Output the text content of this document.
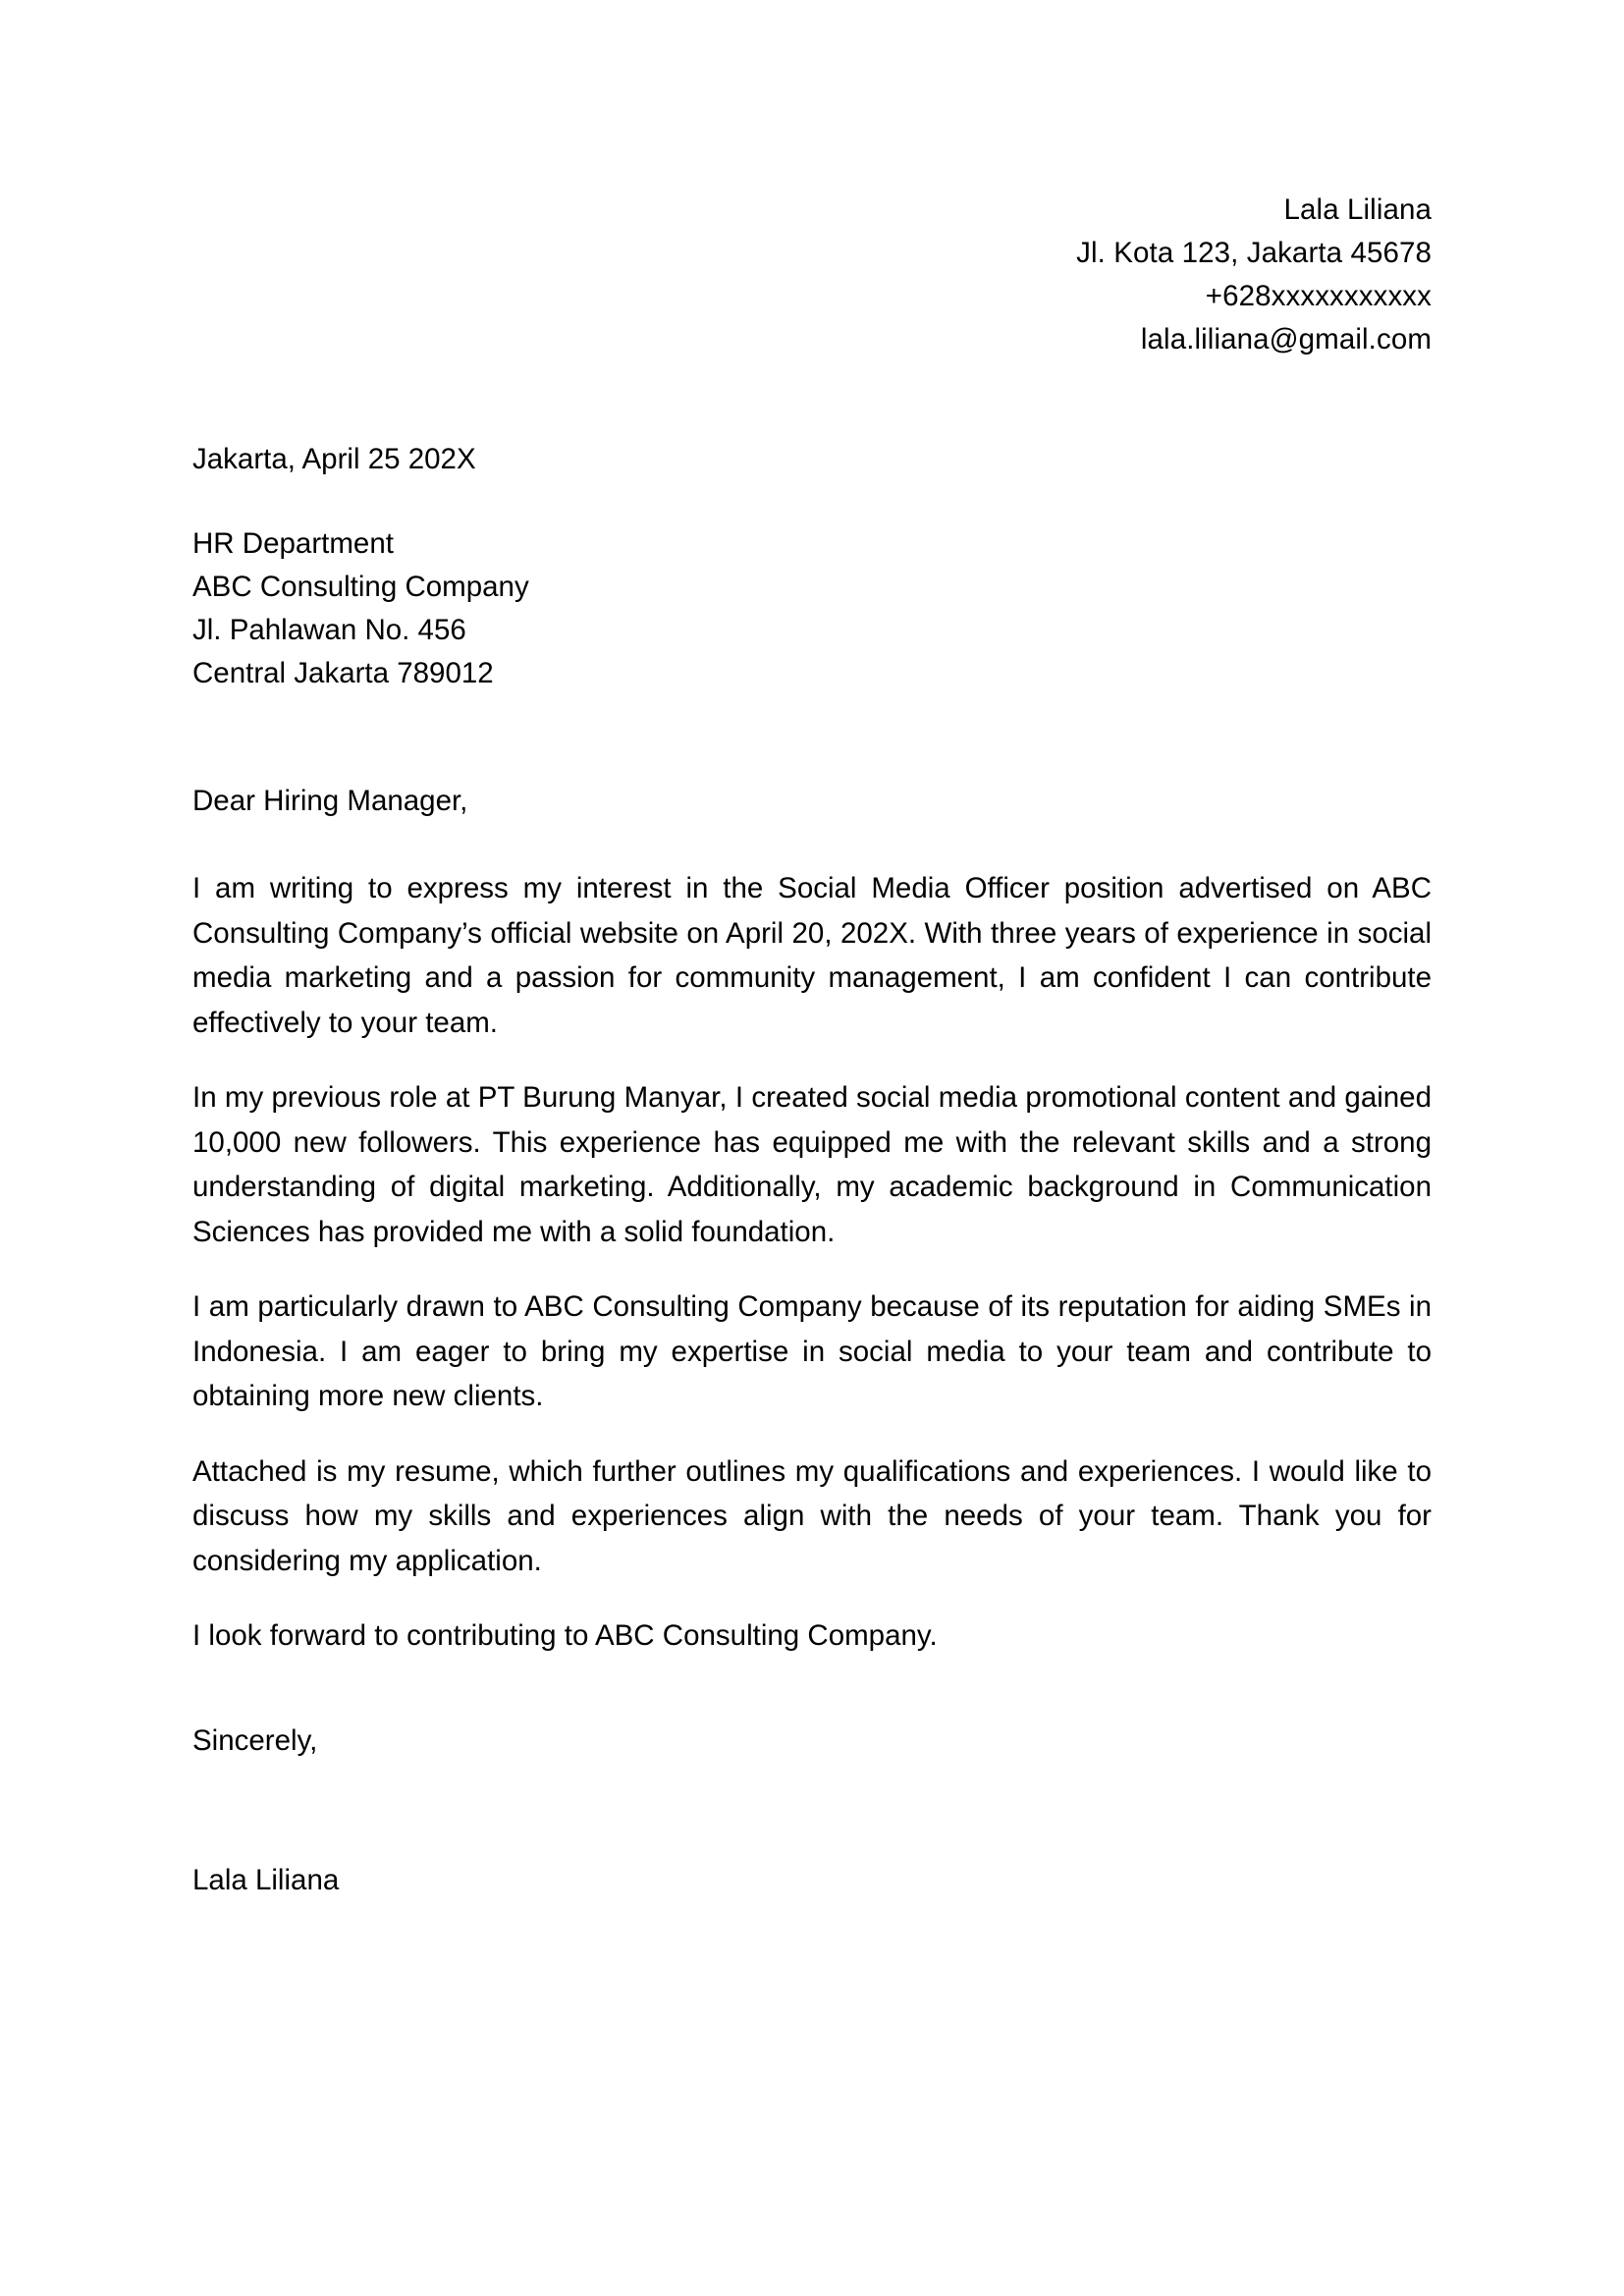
Lala Liliana
Jl. Kota 123, Jakarta 45678
+628xxxxxxxxxxx
lala.liliana@gmail.com
Jakarta, April 25 202X
HR Department
ABC Consulting Company
Jl. Pahlawan No. 456
Central Jakarta 789012
Dear Hiring Manager,

I am writing to express my interest in the Social Media Officer position advertised on ABC Consulting Company’s official website on April 20, 202X. With three years of experience in social media marketing and a passion for community management, I am confident I can contribute effectively to your team.

In my previous role at PT Burung Manyar, I created social media promotional content and gained 10,000 new followers. This experience has equipped me with the relevant skills and a strong understanding of digital marketing. Additionally, my academic background in Communication Sciences has provided me with a solid foundation.

I am particularly drawn to ABC Consulting Company because of its reputation for aiding SMEs in Indonesia. I am eager to bring my expertise in social media to your team and contribute to obtaining more new clients.

Attached is my resume, which further outlines my qualifications and experiences. I would like to discuss how my skills and experiences align with the needs of your team. Thank you for considering my application.

I look forward to contributing to ABC Consulting Company.

Sincerely,
Lala Liliana
